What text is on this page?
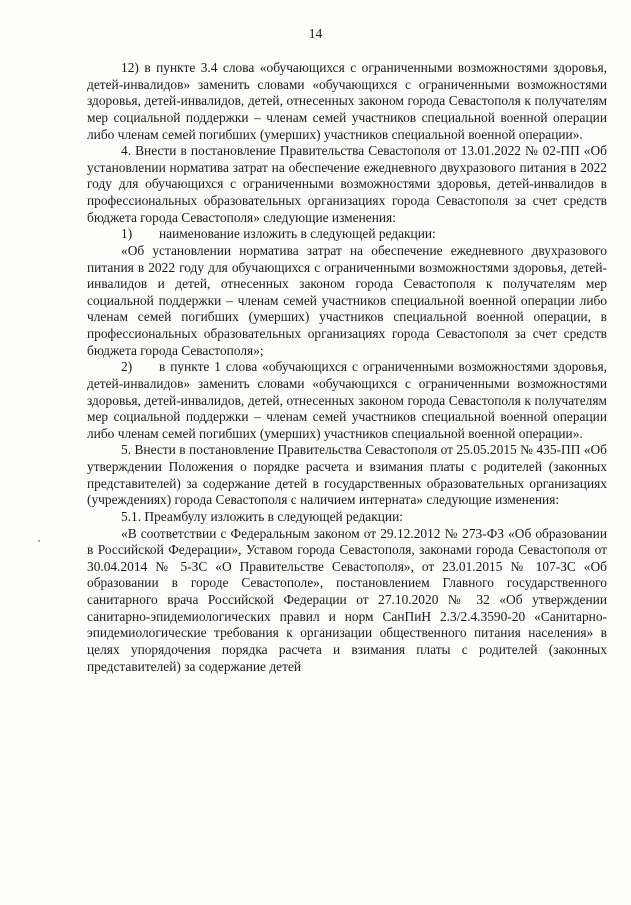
14

12) в пункте 3.4 слова «обучающихся с ограниченными возможностями здоровья, детей-инвалидов» заменить словами «обучающихся с ограниченными возможностями здоровья, детей-инвалидов, детей, отнесенных законом города Севастополя к получателям мер социальной поддержки – членам семей участников специальной военной операции либо членам семей погибших (умерших) участников специальной военной операции».

4. Внести в постановление Правительства Севастополя от 13.01.2022 № 02-ПП «Об установлении норматива затрат на обеспечение ежедневного двухразового питания в 2022 году для обучающихся с ограниченными возможностями здоровья, детей-инвалидов в профессиональных образовательных организациях города Севастополя за счет средств бюджета города Севастополя» следующие изменения:

1) наименование изложить в следующей редакции:

«Об установлении норматива затрат на обеспечение ежедневного двухразового питания в 2022 году для обучающихся с ограниченными возможностями здоровья, детей-инвалидов и детей, отнесенных законом города Севастополя к получателям мер социальной поддержки – членам семей участников специальной военной операции либо членам семей погибших (умерших) участников специальной военной операции, в профессиональных образовательных организациях города Севастополя за счет средств бюджета города Севастополя»;

2) в пункте 1 слова «обучающихся с ограниченными возможностями здоровья, детей-инвалидов» заменить словами «обучающихся с ограниченными возможностями здоровья, детей-инвалидов, детей, отнесенных законом города Севастополя к получателям мер социальной поддержки – членам семей участников специальной военной операции либо членам семей погибших (умерших) участников специальной военной операции».

5. Внести в постановление Правительства Севастополя от 25.05.2015 № 435-ПП «Об утверждении Положения о порядке расчета и взимания платы с родителей (законных представителей) за содержание детей в государственных образовательных организациях (учреждениях) города Севастополя с наличием интерната» следующие изменения:

5.1. Преамбулу изложить в следующей редакции:

«В соответствии с Федеральным законом от 29.12.2012 № 273-ФЗ «Об образовании в Российской Федерации», Уставом города Севастополя, законами города Севастополя от 30.04.2014 № 5-ЗС «О Правительстве Севастополя», от 23.01.2015 № 107-ЗС «Об образовании в городе Севастополе», постановлением Главного государственного санитарного врача Российской Федерации от 27.10.2020 № 32 «Об утверждении санитарно-эпидемиологических правил и норм СанПиН 2.3/2.4.3590-20 «Санитарно-эпидемиологические требования к организации общественного питания населения» в целях упорядочения порядка расчета и взимания платы с родителей (законных представителей) за содержание детей
